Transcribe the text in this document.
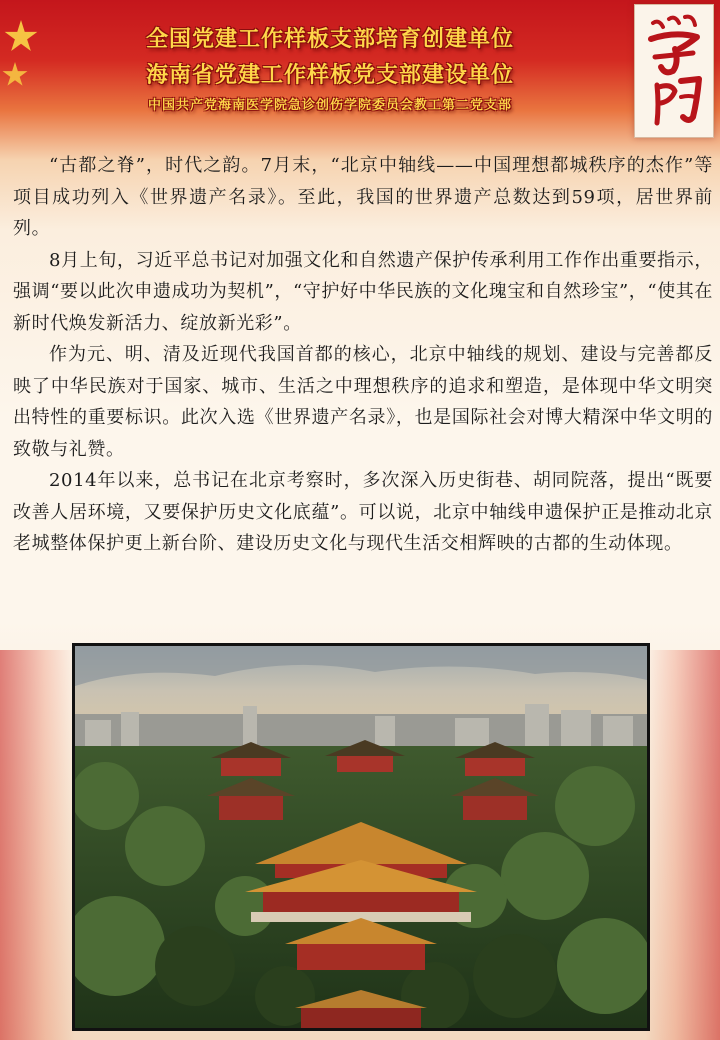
全国党建工作样板支部培育创建单位
海南省党建工作样板党支部建设单位
中国共产党海南医学院急诊创伤学院委员会教工第二党支部

“古都之脊”，时代之韵。7月末，“北京中轴线——中国理想都城秩序的杰作”等项目成功列入《世界遗产名录》。至此，我国的世界遗产总数达到59项，居世界前列。

8月上旬，习近平总书记对加强文化和自然遗产保护传承利用工作作出重要指示，强调“要以此次申遗成功为契机”，“守护好中华民族的文化瑰宝和自然珍宝”，“使其在新时代焕发新活力、绽放新光彩”。

作为元、明、清及近现代我国首都的核心，北京中轴线的规划、建设与完善都反映了中华民族对于国家、城市、生活之中理想秩序的追求和塑造，是体现中华文明突出特性的重要标识。此次入选《世界遗产名录》，也是国际社会对博大精深中华文明的致敬与礼赞。

2014年以来，总书记在北京考察时，多次深入历史街巷、胡同院落，提出“既要改善人居环境，又要保护历史文化底蕴”。可以说，北京中轴线申遗保护正是推动北京老城整体保护更上新台阶、建设历史文化与现代生活交相辉映的古都的生动体现。
